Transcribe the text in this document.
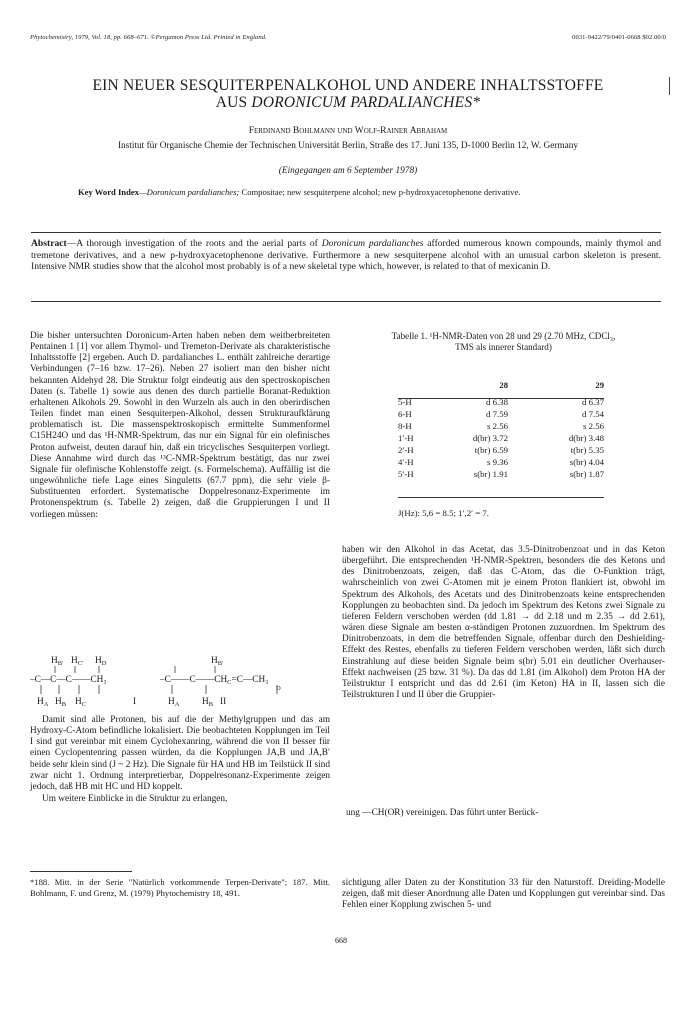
Phytochemistry, 1979, Vol. 18, pp. 668–671. ©Pergamon Press Ltd. Printed in England.	0031-9422/79/0401-0668 $02.00/0
EIN NEUER SESQUITERPENALKOHOL UND ANDERE INHALTSSTOFFE
AUS DORONICUM PARDALIANCHES*
Ferdinand Bohlmann und Wolf-Rainer Abraham
Institut für Organische Chemie der Technischen Universität Berlin, Straße des 17. Juni 135, D-1000 Berlin 12, W. Germany
(Eingegangen am 6 September 1978)
Key Word Index—Doronicum pardalianches; Compositae; new sesquiterpene alcohol; new p-hydroxyacetophenone derivative.
Abstract—A thorough investigation of the roots and the aerial parts of Doronicum pardalianches afforded numerous known compounds, mainly thymol and tremetone derivatives, and a new p-hydroxyacetophenone derivative. Furthermore a new sesquiterpene alcohol with an unusual carbon skeleton is present. Intensive NMR studies show that the alcohol most probably is of a new skeletal type which, however, is related to that of mexicanin D.
Die bisher untersuchten Doronicum-Arten haben neben dem weitberbreiteten Pentainen 1 [1] vor allem Thymol- und Tremeton-Derivate als charakteristische Inhaltsstoffe [2] ergeben. Auch D. pardalianches L. enthält zahlreiche derartige Verbindungen (7–16 bzw. 17–26). Neben 27 isoliert man den bisher nicht bekannten Aldehyd 28. Die Struktur folgt eindeutig aus den spectroskopischen Daten (s. Tabelle 1) sowie aus denen des durch partielle Boranat-Reduktion erhaltenen Alkohols 29. Sowohl in den Wurzeln als auch in den oberirdischen Teilen findet man einen Sesquiterpen-Alkohol, dessen Strukturaufklärung problematisch ist. Die massenspektroskopisch ermittelte Summenformel C15H24O und das ¹H-NMR-Spektrum, das nur ein Signal für ein olefinisches Proton aufweist, deuten darauf hin, daß ein tricyclisches Sesquiterpen vorliegt. Diese Annahme wird durch das ¹³C-NMR-Spektrum bestätigt, das nur zwei Signale für olefinische Kohlenstoffe zeigt. (s. Formelschema). Auffällig ist die ungewöhnliche tiefe Lage eines Singuletts (67.7 ppm), die sehr viele β-Substituenten erfordert. Systematische Doppelresonanz-Experimente im Protonenspektrum (s. Tabelle 2) zeigen, daß die Gruppierungen I und II vorliegen müssen:
$H_{B'}$ $H_{C'}$ $H_D$	$H_{B'}$
–C—C—C——CH₃	$-C——C——CH_C=C—CH_3$
D
$H_A$ $H_B$ $H_C$	I	$H_A$ $H_B$ II
Damit sind alle Protonen, bis auf die der Methylgruppen und das am Hydroxy-C-Atom befindliche lokalisiert. Die beobachteten Kopplungen im Teil I sind gut vereinbar mit einem Cyclohexanring, während die von II besser für einen Cyclopentenring passen würden, da die Kopplungen JA,B und JA,B′ beide sehr klein sind (J ~ 2 Hz). Die Signale für HA und HB im Teilstück II sind zwar nicht 1. Ordnung interpretierbar, Doppelresonanz-Experimente zeigen jedoch, daß HB mit HC und HD koppelt.
Um weitere Einblicke in die Struktur zu erlangen,
*188. Mitt. in der Serie "Natürlich vorkommende Terpen-Derivate"; 187. Mitt. Bohlmann, F. und Grenz, M. (1979) Phytochemistry 18, 491.
Tabelle 1. ¹H-NMR-Daten von 28 und 29 (2.70 MHz, CDCl₃,
TMS als innerer Standard)
	28	29
5-H	d 6.38	d 6.37
6-H	d 7.59	d 7.54
8-H	s 2.56	s 2.56
1′-H	d(br) 3.72	d(br) 3.48
2′-H	t(br) 6.59	t(br) 5.35
4′-H	s 9.36	s(br) 4.04
5′-H	s(br) 1.91	s(br) 1.87
J(Hz): 5,6 = 8.5; 1′,2′ = 7.
haben wir den Alkohol in das Acetat, das 3.5-Dinitrobenzoat und in das Keton übergeführt. Die entsprechenden ¹H-NMR-Spektren, besonders die des Ketons und des Dinitrobenzoats, zeigen, daß das C-Atom, das die O-Funktion trägt, wahrscheinlich von zwei C-Atomen mit je einem Proton flankiert ist, obwohl im Spektrum des Alkohols, des Acetats und des Dinitrobenzoats keine entsprechenden Kopplungen zu beobachten sind. Da jedoch im Spektrum des Ketons zwei Signale zu tieferen Feldern verschoben werden (dd 1.81 → dd 2.18 und m 2.35 → dd 2.61), wären diese Signale am besten α-ständigen Protonen zuzuordnen. Im Spektrum des Dinitrobenzoats, in dem die betreffenden Signale, offenbar durch den Deshielding-Effekt des Restes, ebenfalls zu tieferen Feldern verschoben werden, läßt sich durch Einstrahlung auf diese beiden Signale beim s(br) 5.01 ein deutlicher Overhauser-Effekt nachweisen (25 bzw. 31 %). Da das dd 1.81 (im Alkohol) dem Proton HA der Teilstruktur I entspricht und das dd 2.61 (im Keton) HA in II, lassen sich die Teilstrukturen I und II über die Gruppier-
ung —CH(OR) vereinigen. Das führt unter Berück-
sichtigung aller Daten zu der Konstitution 33 für den Naturstoff. Dreiding-Modelle zeigen, daß mit dieser Anordnung alle Daten und Kopplungen gut vereinbar sind. Das Fehlen einer Kopplung zwischen 5- und
668
